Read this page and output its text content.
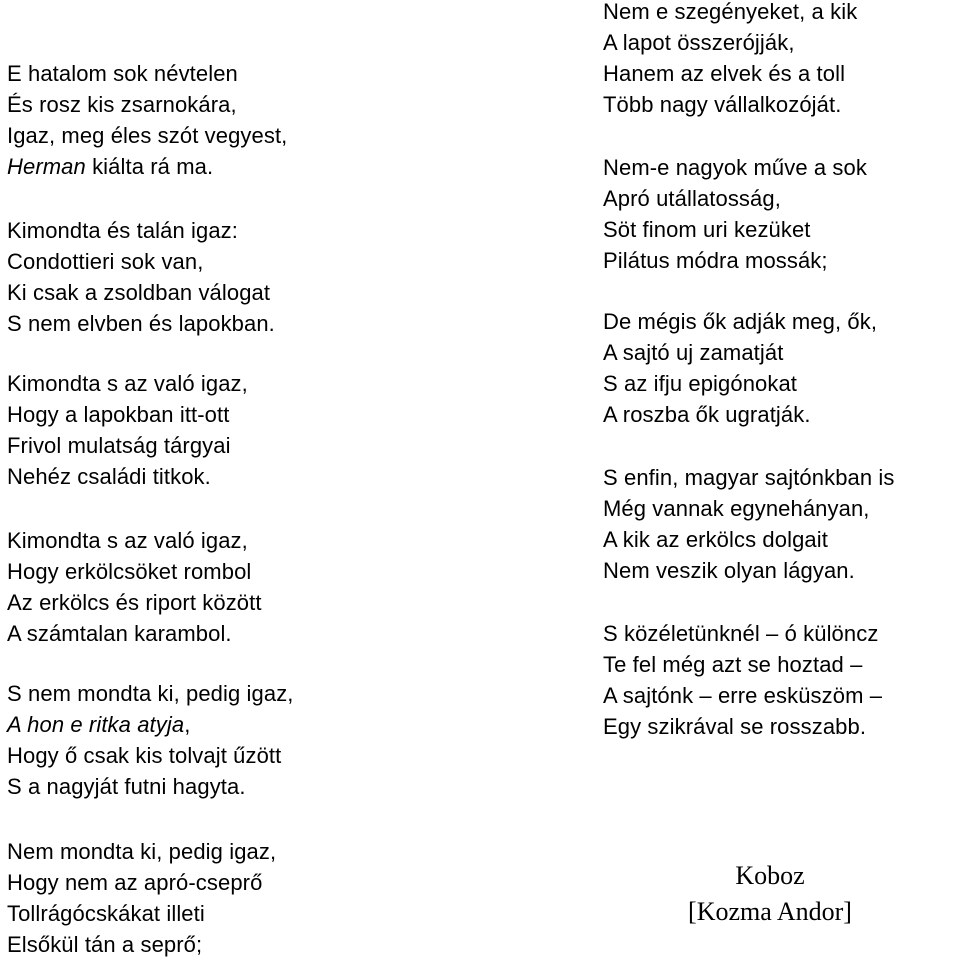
E hatalom sok névtelen
És rosz kis zsarnokára,
Igaz, meg éles szót vegyest,
Herman kiálta rá ma.
Kimondta és talán igaz:
Condottieri sok van,
Ki csak a zsoldban válogat
S nem elvben és lapokban.
Kimondta s az való igaz,
Hogy a lapokban itt-ott
Frivol mulatság tárgyai
Nehéz családi titkok.
Kimondta s az való igaz,
Hogy erkölcsöket rombol
Az erkölcs és riport között
A számtalan karambol.
S nem mondta ki, pedig igaz,
A hon e ritka atyja,
Hogy ő csak kis tolvajt űzött
S a nagyját futni hagyta.
Nem mondta ki, pedig igaz,
Hogy nem az apró-cseprő
Tollrágócskákat illeti
Elsőkül tán a seprő;
Nem e szegényeket, a kik
A lapot összerójják,
Hanem az elvek és a toll
Több nagy vállalkozóját.
Nem-e nagyok műve a sok
Apró utállatosság,
Söt finom uri kezüket
Pilátus módra mossák;
De mégis ők adják meg, ők,
A sajtó uj zamatját
S az ifju epigónokat
A roszba ők ugratják.
S enfin, magyar sajtónkban is
Még vannak egynehányan,
A kik az erkölcs dolgait
Nem veszik olyan lágyan.
S közéletünknél – ó különcz
Te fel még azt se hoztad –
A sajtónk – erre esküszöm –
Egy szikrával se rosszabb.
Koboz
[Kozma Andor]
